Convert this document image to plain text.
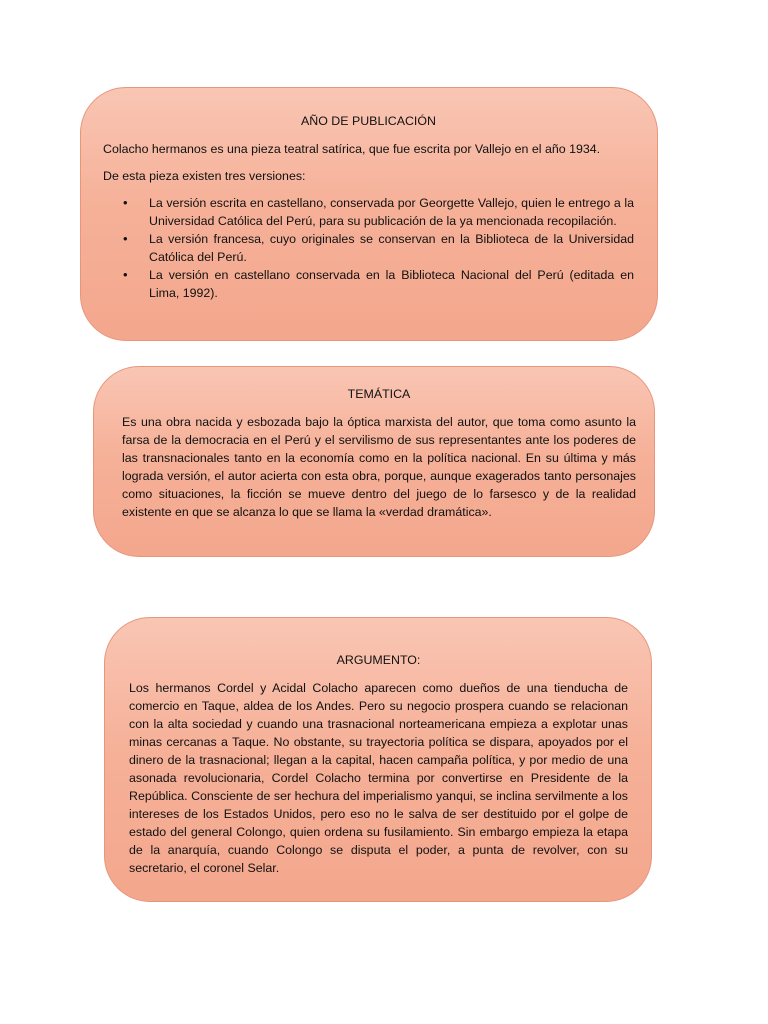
AÑO DE PUBLICACIÓN

Colacho hermanos es una pieza teatral satírica, que fue escrita por Vallejo en el año 1934.

De esta pieza existen tres versiones:

• La versión escrita en castellano, conservada por Georgette Vallejo, quien le entrego a la Universidad Católica del Perú, para su publicación de la ya mencionada recopilación.
• La versión francesa, cuyo originales se conservan en la Biblioteca de la Universidad Católica del Perú.
• La versión en castellano conservada en la Biblioteca Nacional del Perú (editada en Lima, 1992).
TEMÁTICA

Es una obra nacida y esbozada bajo la óptica marxista del autor, que toma como asunto la farsa de la democracia en el Perú y el servilismo de sus representantes ante los poderes de las transnacionales tanto en la economía como en la política nacional. En su última y más lograda versión, el autor acierta con esta obra, porque, aunque exagerados tanto personajes como situaciones, la ficción se mueve dentro del juego de lo farsesco y de la realidad existente en que se alcanza lo que se llama la «verdad dramática».

ARGUMENTO:

Los hermanos Cordel y Acidal Colacho aparecen como dueños de una tienducha de comercio en Taque, aldea de los Andes. Pero su negocio prospera cuando se relacionan con la alta sociedad y cuando una trasnacional norteamericana empieza a explotar unas minas cercanas a Taque. No obstante, su trayectoria política se dispara, apoyados por el dinero de la trasnacional; llegan a la capital, hacen campaña política, y por medio de una asonada revolucionaria, Cordel Colacho termina por convertirse en Presidente de la República. Consciente de ser hechura del imperialismo yanqui, se inclina servilmente a los intereses de los Estados Unidos, pero eso no le salva de ser destituido por el golpe de estado del general Colongo, quien ordena su fusilamiento. Sin embargo empieza la etapa de la anarquía, cuando Colongo se disputa el poder, a punta de revolver, con su secretario, el coronel Selar.
